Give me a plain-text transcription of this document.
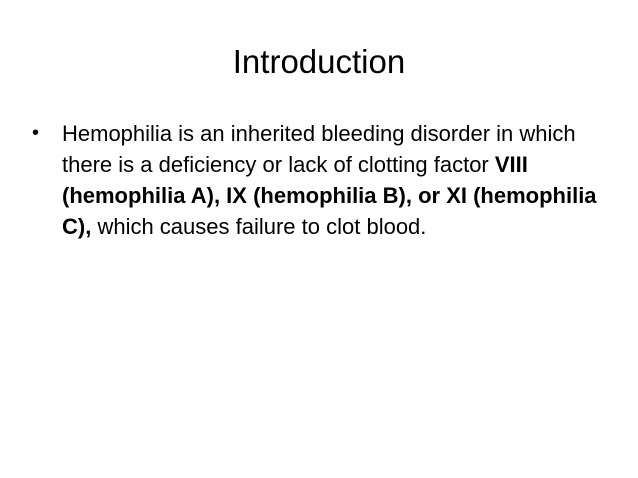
Introduction
• Hemophilia is an inherited bleeding disorder in which there is a deficiency or lack of clotting factor VIII (hemophilia A), IX (hemophilia B), or XI (hemophilia C), which causes failure to clot blood.
